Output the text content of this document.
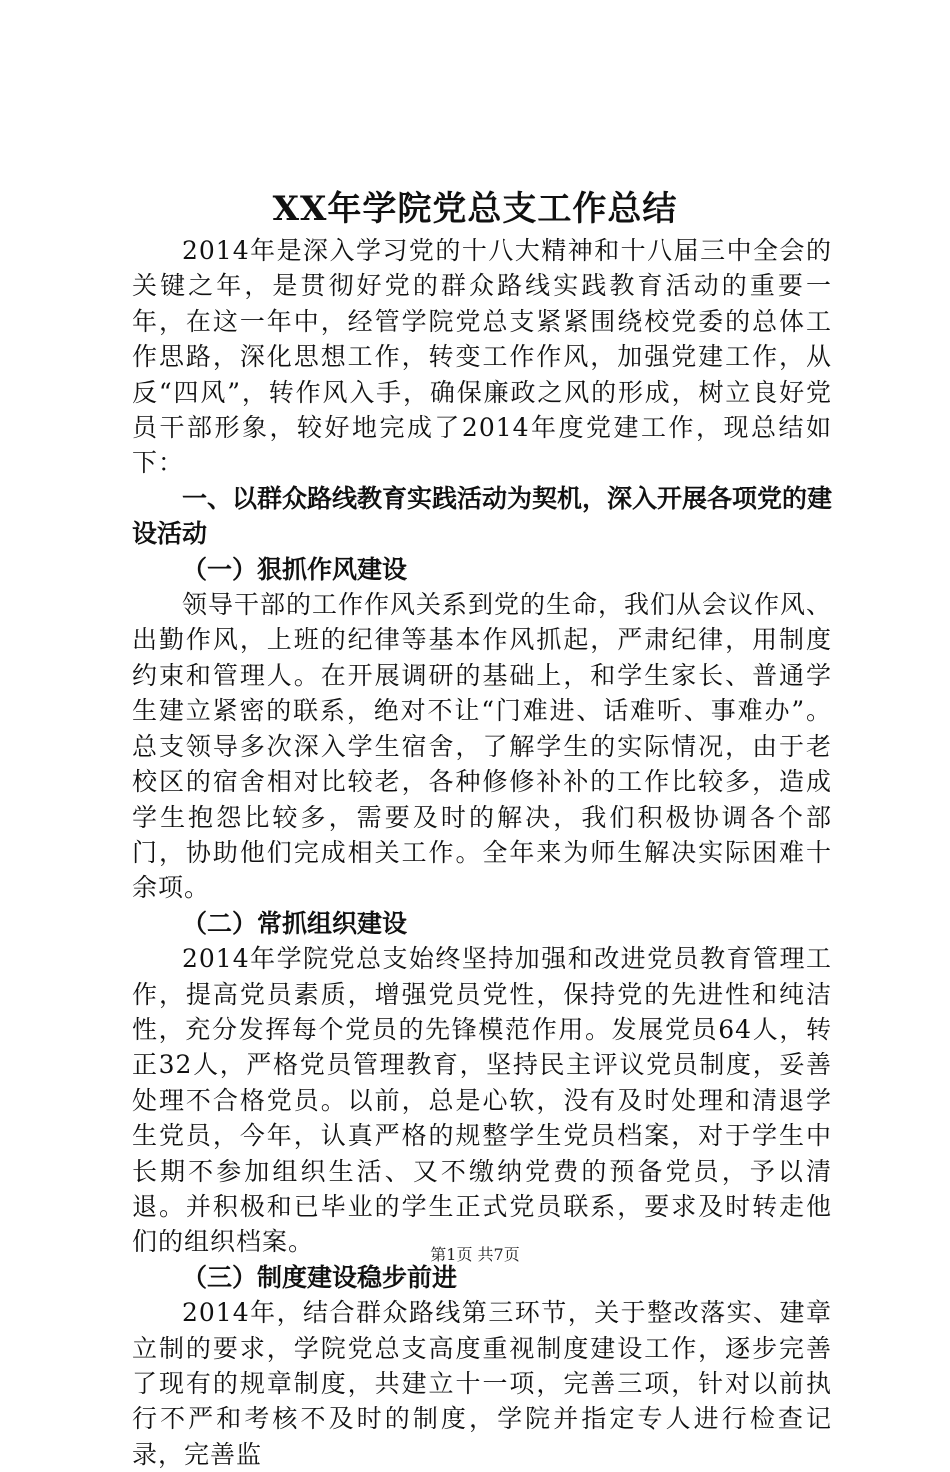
XX年学院党总支工作总结

2014年是深入学习党的十八大精神和十八届三中全会的关键之年，是贯彻好党的群众路线实践教育活动的重要一年，在这一年中，经管学院党总支紧紧围绕校党委的总体工作思路，深化思想工作，转变工作作风，加强党建工作，从反“四风”，转作风入手，确保廉政之风的形成，树立良好党员干部形象，较好地完成了2014年度党建工作，现总结如下：

一、以群众路线教育实践活动为契机，深入开展各项党的建设活动
（一）狠抓作风建设

领导干部的工作作风关系到党的生命，我们从会议作风、出勤作风，上班的纪律等基本作风抓起，严肃纪律，用制度约束和管理人。在开展调研的基础上，和学生家长、普通学生建立紧密的联系，绝对不让“门难进、话难听、事难办”。总支领导多次深入学生宿舍，了解学生的实际情况，由于老校区的宿舍相对比较老，各种修修补补的工作比较多，造成学生抱怨比较多，需要及时的解决，我们积极协调各个部门，协助他们完成相关工作。全年来为师生解决实际困难十余项。

（二）常抓组织建设

2014年学院党总支始终坚持加强和改进党员教育管理工作，提高党员素质，增强党员党性，保持党的先进性和纯洁性，充分发挥每个党员的先锋模范作用。发展党员64人，转正32人，严格党员管理教育，坚持民主评议党员制度，妥善处理不合格党员。以前，总是心软，没有及时处理和清退学生党员，今年，认真严格的规整学生党员档案，对于学生中长期不参加组织生活、又不缴纳党费的预备党员，予以清退。并积极和已毕业的学生正式党员联系，要求及时转走他们的组织档案。

（三）制度建设稳步前进

2014年，结合群众路线第三环节，关于整改落实、建章立制的要求，学院党总支高度重视制度建设工作，逐步完善了现有的规章制度，共建立十一项，完善三项，针对以前执行不严和考核不及时的制度，学院并指定专人进行检查记录，完善监

第1页 共7页
